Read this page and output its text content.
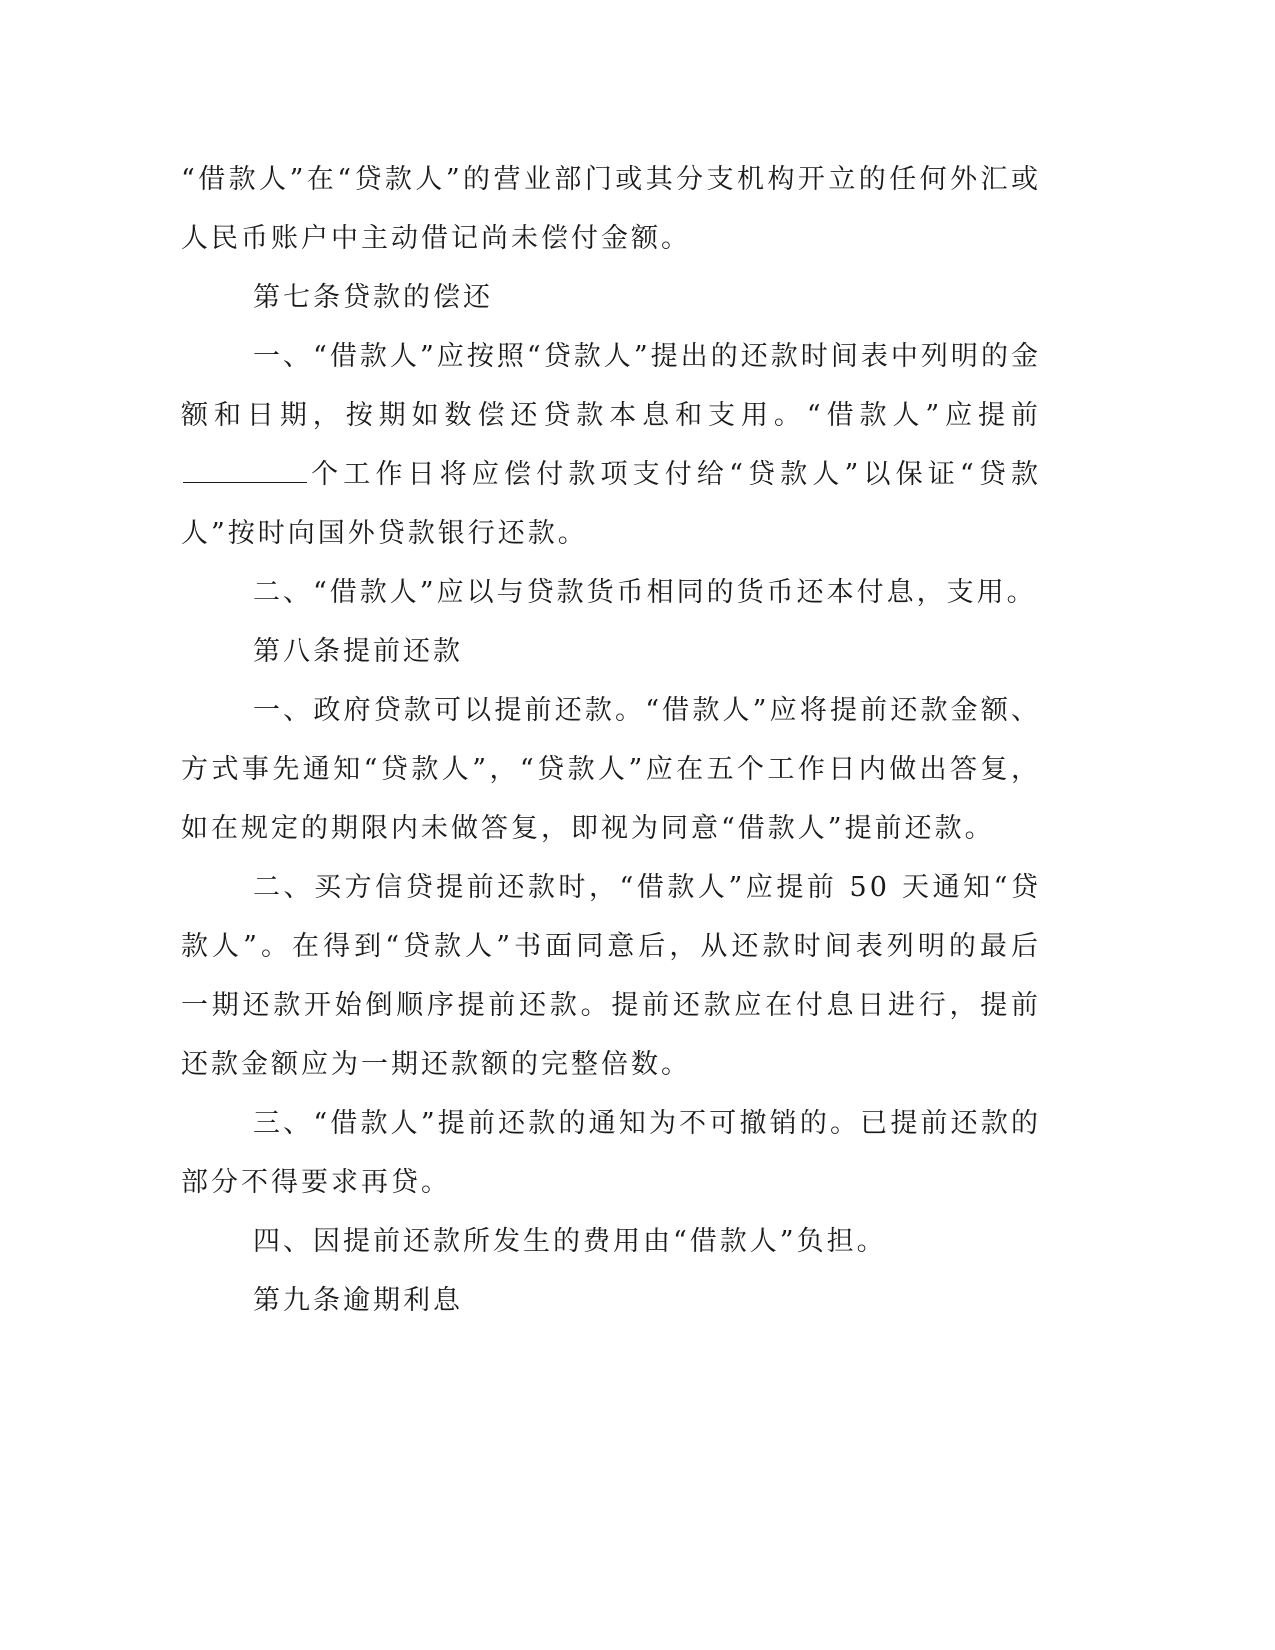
“借款人”在“贷款人”的营业部门或其分支机构开立的任何外汇或人民币账户中主动借记尚未偿付金额。

第七条贷款的偿还

一、“借款人”应按照“贷款人”提出的还款时间表中列明的金额和日期，按期如数偿还贷款本息和支用。“借款人”应提前个工作日将应偿付款项支付给“贷款人”以保证“贷款人”按时向国外贷款银行还款。

二、“借款人”应以与贷款货币相同的货币还本付息，支用。

第八条提前还款

一、政府贷款可以提前还款。“借款人”应将提前还款金额、方式事先通知“贷款人”，“贷款人”应在五个工作日内做出答复，如在规定的期限内未做答复，即视为同意“借款人”提前还款。

二、买方信贷提前还款时，“借款人”应提前 50 天通知“贷款人”。在得到“贷款人”书面同意后，从还款时间表列明的最后一期还款开始倒顺序提前还款。提前还款应在付息日进行，提前还款金额应为一期还款额的完整倍数。

三、“借款人”提前还款的通知为不可撤销的。已提前还款的部分不得要求再贷。

四、因提前还款所发生的费用由“借款人”负担。

第九条逾期利息
